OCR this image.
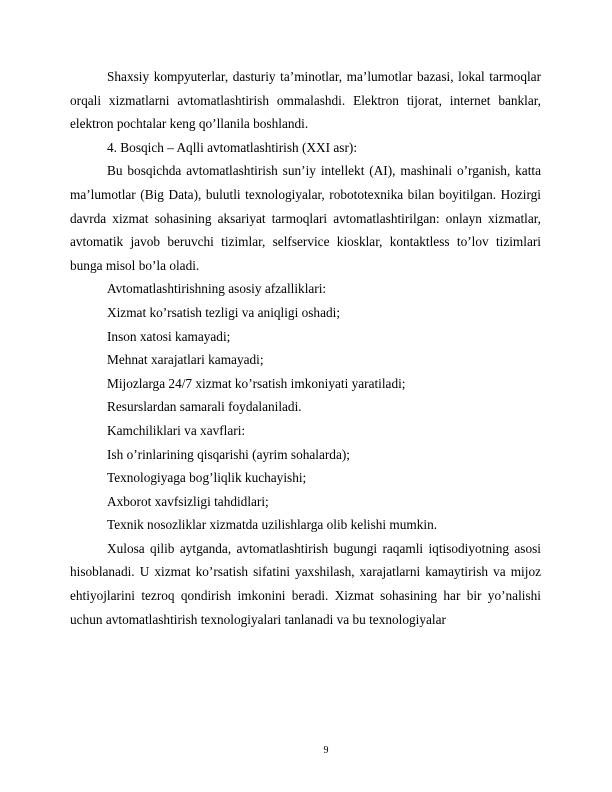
Shaxsiy kompyuterlar, dasturiy ta’minotlar, ma’lumotlar bazasi, lokal tarmoqlar orqali xizmatlarni avtomatlashtirish ommalashdi. Elektron tijorat, internet banklar, elektron pochtalar keng qo’llanila boshlandi.

4. Bosqich – Aqlli avtomatlashtirish (XXI asr):

Bu bosqichda avtomatlashtirish sun’iy intellekt (AI), mashinali o’rganish, katta ma’lumotlar (Big Data), bulutli texnologiyalar, robototexnika bilan boyitilgan. Hozirgi davrda xizmat sohasining aksariyat tarmoqlari avtomatlashtirilgan: onlayn xizmatlar, avtomatik javob beruvchi tizimlar, selfservice kiosklar, kontaktless to’lov tizimlari bunga misol bo’la oladi.

Avtomatlashtirishning asosiy afzalliklari:

Xizmat ko’rsatish tezligi va aniqligi oshadi;

Inson xatosi kamayadi;

Mehnat xarajatlari kamayadi;

Mijozlarga 24/7 xizmat ko’rsatish imkoniyati yaratiladi;

Resurslardan samarali foydalaniladi.

Kamchiliklari va xavflari:

Ish o’rinlarining qisqarishi (ayrim sohalarda);

Texnologiyaga bog’liqlik kuchayishi;

Axborot xavfsizligi tahdidlari;

Texnik nosozliklar xizmatda uzilishlarga olib kelishi mumkin.

Xulosa qilib aytganda, avtomatlashtirish bugungi raqamli iqtisodiyotning asosi hisoblanadi. U xizmat ko’rsatish sifatini yaxshilash, xarajatlarni kamaytirish va mijoz ehtiyojlarini tezroq qondirish imkonini beradi. Xizmat sohasining har bir yo’nalishi uchun avtomatlashtirish texnologiyalari tanlanadi va bu texnologiyalar

9
